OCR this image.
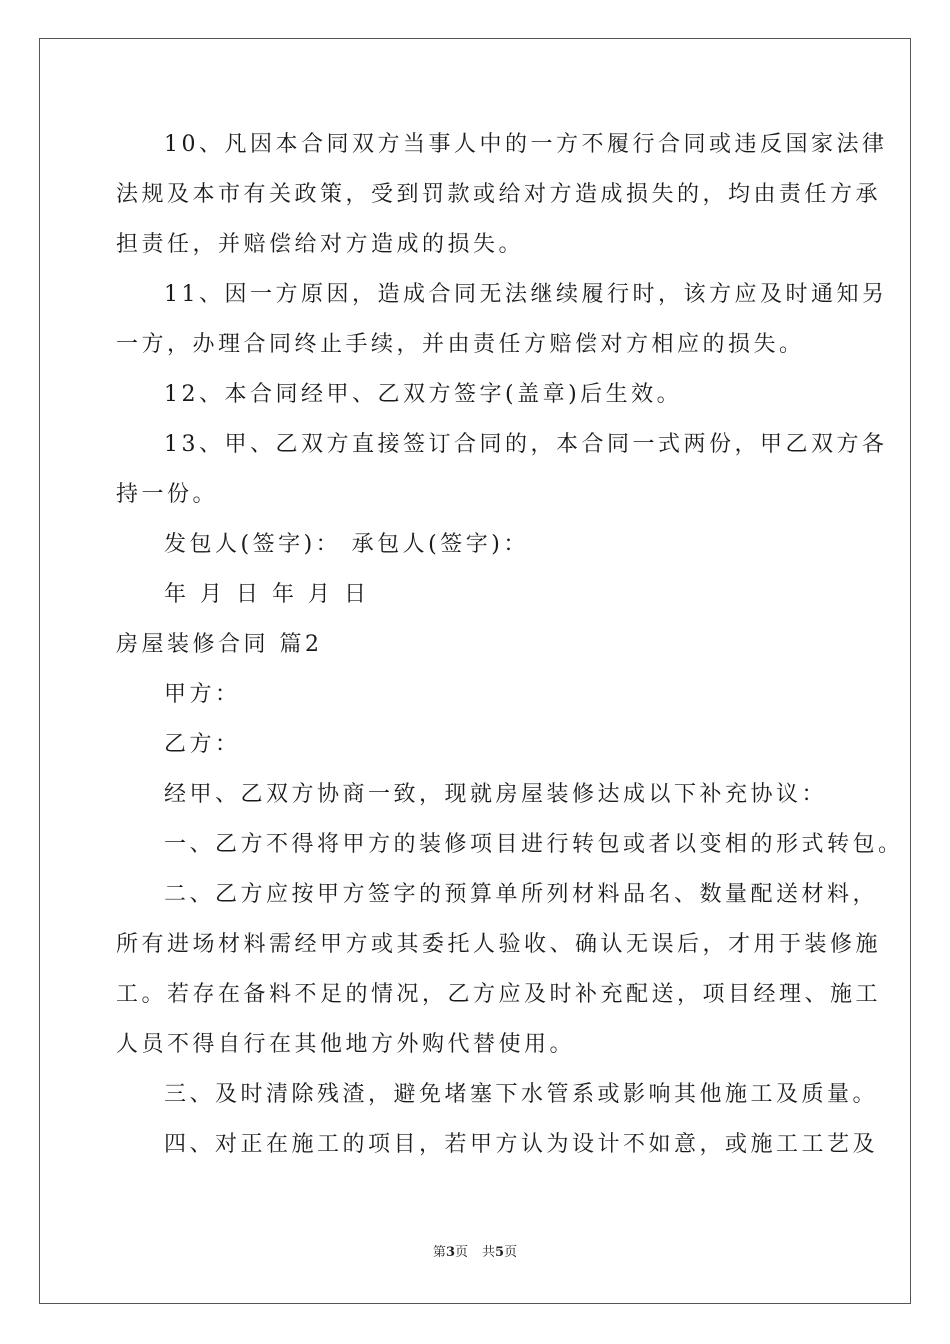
10、凡因本合同双方当事人中的一方不履行合同或违反国家法律
法规及本市有关政策，受到罚款或给对方造成损失的，均由责任方承
担责任，并赔偿给对方造成的损失。
11、因一方原因，造成合同无法继续履行时，该方应及时通知另
一方，办理合同终止手续，并由责任方赔偿对方相应的损失。
12、本合同经甲、乙双方签字(盖章)后生效。
13、甲、乙双方直接签订合同的，本合同一式两份，甲乙双方各
持一份。
发包人(签字)： 承包人(签字)：
年 月 日 年 月 日
房屋装修合同 篇2
甲方：
乙方：
经甲、乙双方协商一致，现就房屋装修达成以下补充协议：
一、乙方不得将甲方的装修项目进行转包或者以变相的形式转包。
二、乙方应按甲方签字的预算单所列材料品名、数量配送材料，
所有进场材料需经甲方或其委托人验收、确认无误后，才用于装修施
工。若存在备料不足的情况，乙方应及时补充配送，项目经理、施工
人员不得自行在其他地方外购代替使用。
三、及时清除残渣，避免堵塞下水管系或影响其他施工及质量。
四、对正在施工的项目，若甲方认为设计不如意，或施工工艺及
第3页 共5页
